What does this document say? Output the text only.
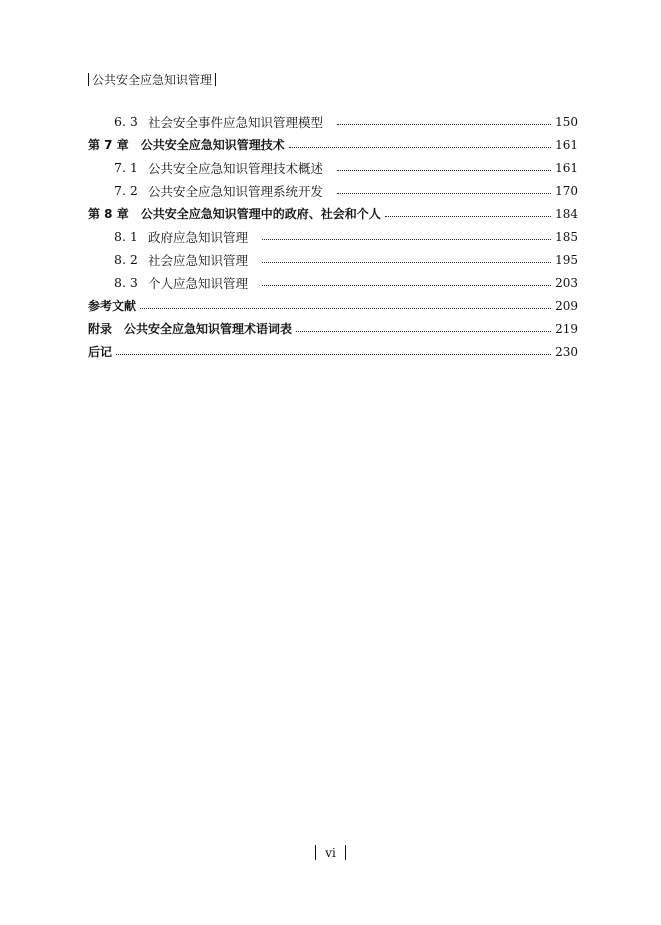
公共安全应急知识管理
6. 3 社会安全事件应急知识管理模型	150
第 7 章 公共安全应急知识管理技术	161
7. 1 公共安全应急知识管理技术概述	161
7. 2 公共安全应急知识管理系统开发	170
第 8 章 公共安全应急知识管理中的政府、社会和个人	184
8. 1 政府应急知识管理	185
8. 2 社会应急知识管理	195
8. 3 个人应急知识管理	203
参考文献	209
附录 公共安全应急知识管理术语词表	219
后记	230
vi
